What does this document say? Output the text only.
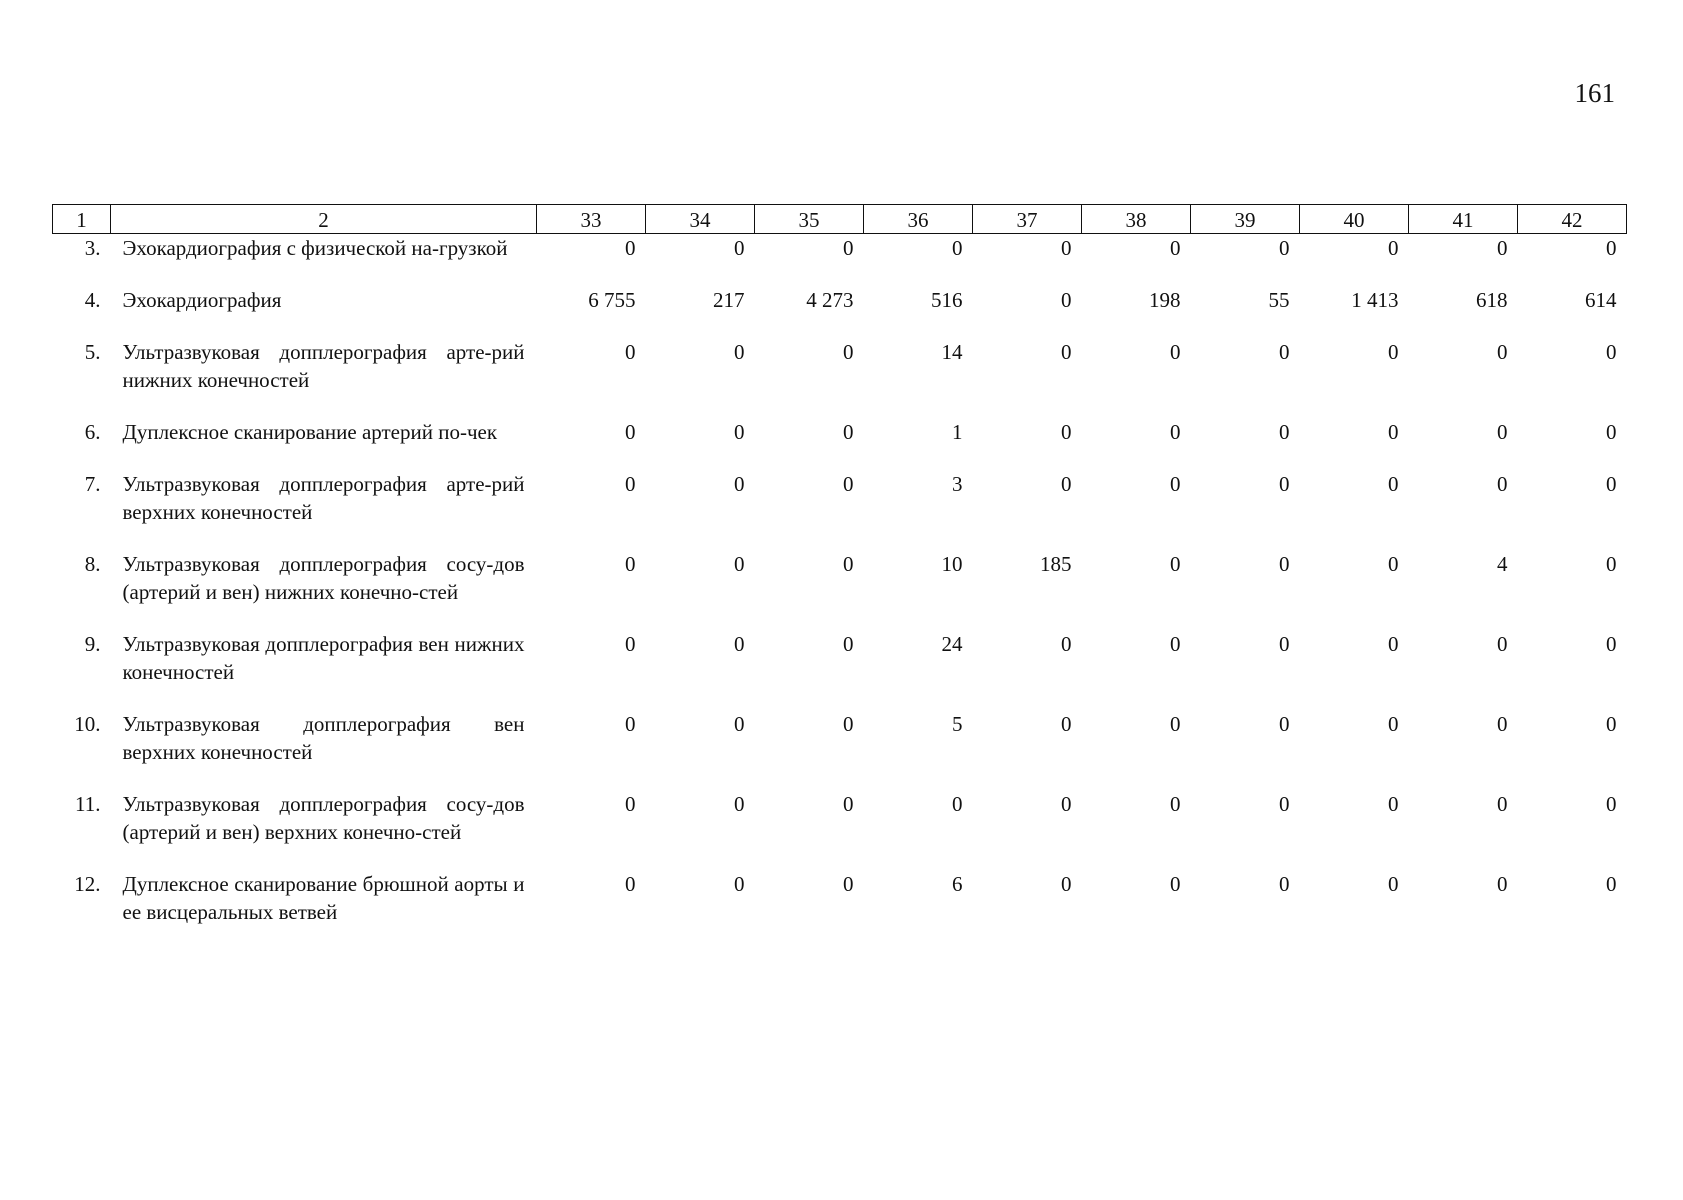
161
1	2	33	34	35	36	37	38	39	40	41	42
3.	Эхокардиография с физической на-грузкой	0	0	0	0	0	0	0	0	0	0
4.	Эхокардиография	6 755	217	4 273	516	0	198	55	1 413	618	614
5.	Ультразвуковая допплерография арте-рий нижних конечностей	0	0	0	14	0	0	0	0	0	0
6.	Дуплексное сканирование артерий по-чек	0	0	0	1	0	0	0	0	0	0
7.	Ультразвуковая допплерография арте-рий верхних конечностей	0	0	0	3	0	0	0	0	0	0
8.	Ультразвуковая допплерография сосу-дов (артерий и вен) нижних конечно-стей	0	0	0	10	185	0	0	0	4	0
9.	Ультразвуковая допплерография вен нижних конечностей	0	0	0	24	0	0	0	0	0	0
10.	Ультразвуковая допплерография вен верхних конечностей	0	0	0	5	0	0	0	0	0	0
11.	Ультразвуковая допплерография сосу-дов (артерий и вен) верхних конечно-стей	0	0	0	0	0	0	0	0	0	0
12.	Дуплексное сканирование брюшной аорты и ее висцеральных ветвей	0	0	0	6	0	0	0	0	0	0
